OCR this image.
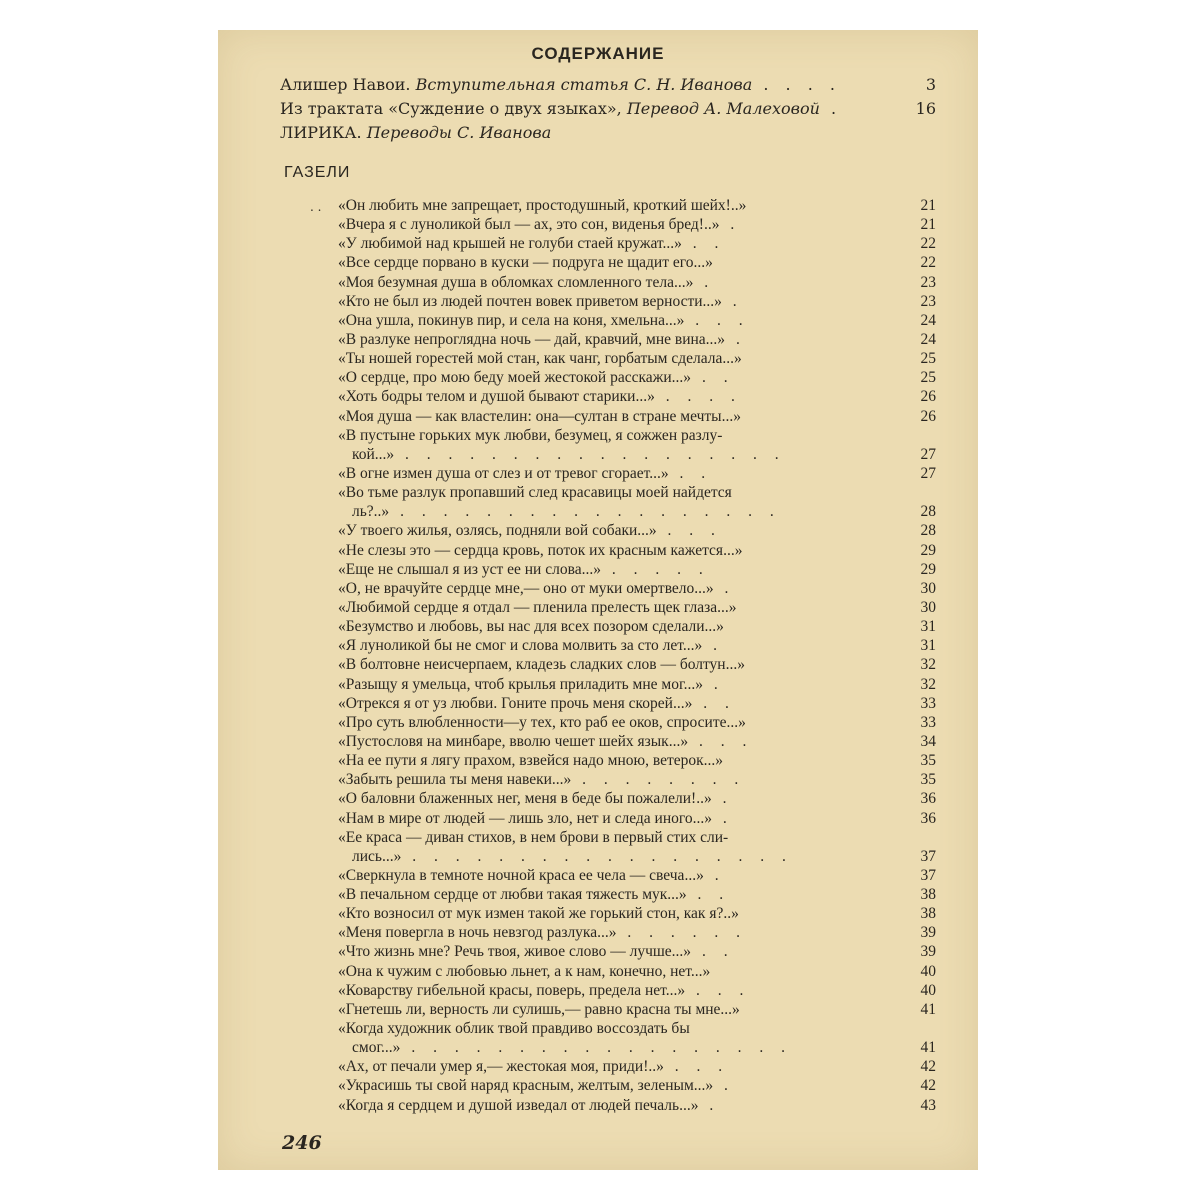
СОДЕРЖАНИЕ
Алишер Навои. Вступительная статья С. Н. Иванова . . . .	3
Из трактата «Суждение о двух языках», Перевод А. Малеховой .	16
ЛИРИКА. Переводы С. Иванова
ГАЗЕЛИ
. . «Он любить мне запрещает, простодушный, кроткий шейх!..»	21
«Вчера я с луноликой был — ах, это сон, виденья бред!..» .	21
«У любимой над крышей не голуби стаей кружат...» . .	22
«Все сердце порвано в куски — подруга не щадит его...»	22
«Моя безумная душа в обломках сломленного тела...» .	23
«Кто не был из людей почтен вовек приветом верности...» .	23
«Она ушла, покинув пир, и села на коня, хмельна...» . . .	24
«В разлуке непроглядна ночь — дай, кравчий, мне вина...» .	24
«Ты ношей горестей мой стан, как чанг, горбатым сделала...»	25
«О сердце, про мою беду моей жестокой расскажи...» . .	25
«Хоть бодры телом и душой бывают старики...» . . . .	26
«Моя душа — как властелин: она—султан в стране мечты...»	26
«В пустыне горьких мук любви, безумец, я сожжен разлу-
кой...» . . . . . . . . . . . . . . . . . .	27
«В огне измен душа от слез и от тревог сгорает...» . .	27
«Во тьме разлук пропавший след красавицы моей найдется
ль?..» . . . . . . . . . . . . . . . . . .	28
«У твоего жилья, озлясь, подняли вой собаки...» . . .	28
«Не слезы это — сердца кровь, поток их красным кажется...»	29
«Еще не слышал я из уст ее ни слова...» . . . . .	29
«О, не врачуйте сердце мне,— оно от муки омертвело...» .	30
«Любимой сердце я отдал — пленила прелесть щек глаза...»	30
«Безумство и любовь, вы нас для всех позором сделали...»	31
«Я луноликой бы не смог и слова молвить за сто лет...» .	31
«В болтовне неисчерпаем, кладезь сладких слов — болтун...»	32
«Разыщу я умельца, чтоб крылья приладить мне мог...» .	32
«Отрекся я от уз любви. Гоните прочь меня скорей...» . .	33
«Про суть влюбленности—у тех, кто раб ее оков, спросите...»	33
«Пустословя на минбаре, вволю чешет шейх язык...» . . .	34
«На ее пути я лягу прахом, взвейся надо мною, ветерок...»	35
«Забыть решила ты меня навеки...» . . . . . . . .	35
«О баловни блаженных нег, меня в беде бы пожалели!..» .	36
«Нам в мире от людей — лишь зло, нет и следа иного...» .	36
«Ее краса — диван стихов, в нем брови в первый стих сли-
лись...» . . . . . . . . . . . . . . . . . .	37
«Сверкнула в темноте ночной краса ее чела — свеча...» .	37
«В печальном сердце от любви такая тяжесть мук...» . .	38
«Кто возносил от мук измен такой же горький стон, как я?..»	38
«Меня повергла в ночь невзгод разлука...» . . . . . .	39
«Что жизнь мне? Речь твоя, живое слово — лучше...» . .	39
«Она к чужим с любовью льнет, а к нам, конечно, нет...»	40
«Коварству гибельной красы, поверь, предела нет...» . . .	40
«Гнетешь ли, верность ли сулишь,— равно красна ты мне...»	41
«Когда художник облик твой правдиво воссоздать бы
смог...» . . . . . . . . . . . . . . . . . .	41
«Ах, от печали умер я,— жестокая моя, приди!..» . . .	42
«Украсишь ты свой наряд красным, желтым, зеленым...» .	42
«Когда я сердцем и душой изведал от людей печаль...» .	43
246
